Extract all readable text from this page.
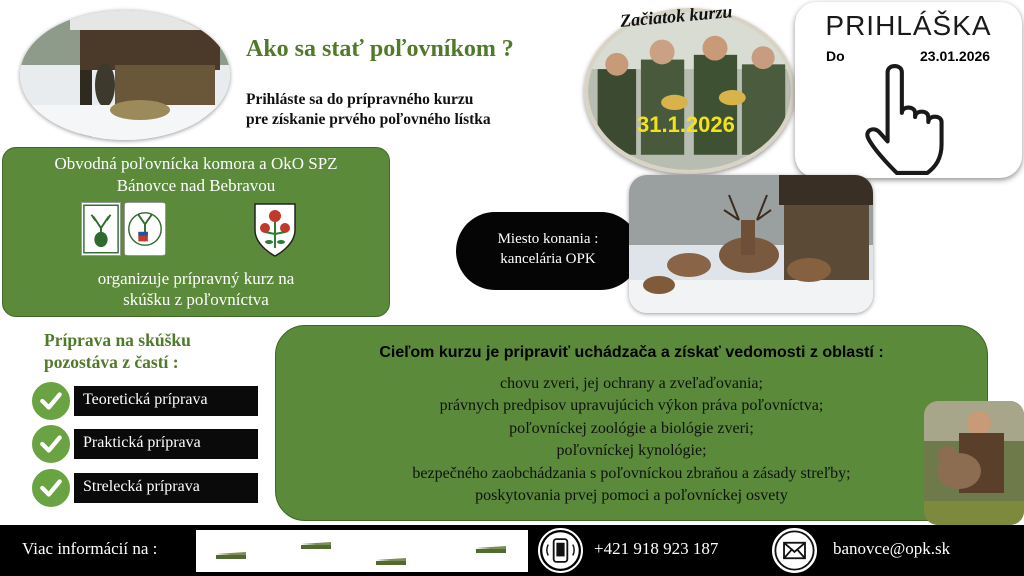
Ako sa stať poľovníkom ?
Prihláste sa do prípravného kurzu
pre získanie prvého poľovného lístka
Začiatok kurzu
31.1.2026
PRIHLÁŠKA
Do	23.01.2026
Obvodná poľovnícka komora a OkO SPZ
Bánovce nad Bebravou
organizuje prípravný kurz na
skúšku z poľovníctva
Miesto konania :
kancelária OPK
Príprava na skúšku
pozostáva z častí :
Teoretická príprava
Praktická príprava
Strelecká príprava
Cieľom kurzu je pripraviť uchádzača a získať vedomosti z oblastí :
chovu zveri, jej ochrany a zveľaďovania;
právnych predpisov upravujúcich výkon práva poľovníctva;
poľovníckej zoológie a biológie zveri;
poľovníckej kynológie;
bezpečného zaobchádzania s poľovníckou zbraňou a zásady streľby;
poskytovania prvej pomoci a poľovníckej osvety
Viac informácií na :	+421 918 923 187	banovce@opk.sk
